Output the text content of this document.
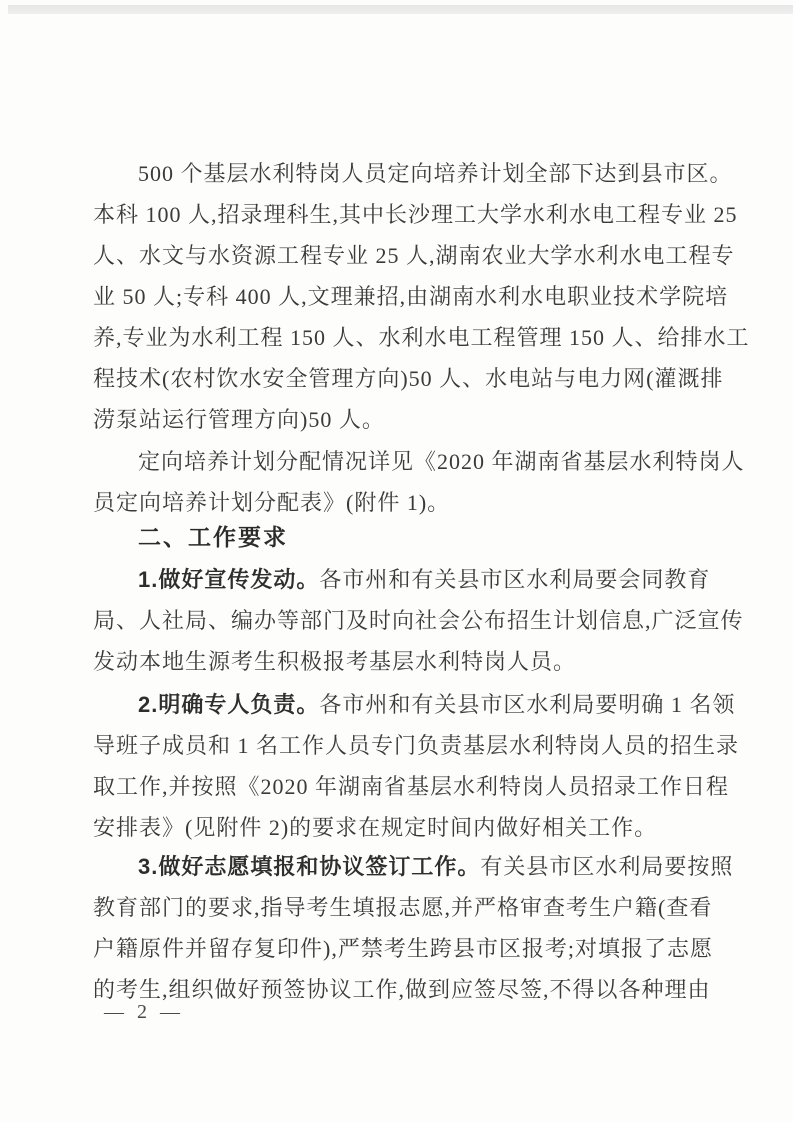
500 个基层水利特岗人员定向培养计划全部下达到县市区。
本科 100 人,招录理科生,其中长沙理工大学水利水电工程专业 25
人、水文与水资源工程专业 25 人,湖南农业大学水利水电工程专
业 50 人;专科 400 人,文理兼招,由湖南水利水电职业技术学院培
养,专业为水利工程 150 人、水利水电工程管理 150 人、给排水工
程技术(农村饮水安全管理方向)50 人、水电站与电力网(灌溉排
涝泵站运行管理方向)50 人。
定向培养计划分配情况详见《2020 年湖南省基层水利特岗人
员定向培养计划分配表》(附件 1)。
二、工作要求
1.做好宣传发动。各市州和有关县市区水利局要会同教育
局、人社局、编办等部门及时向社会公布招生计划信息,广泛宣传
发动本地生源考生积极报考基层水利特岗人员。
2.明确专人负责。各市州和有关县市区水利局要明确 1 名领
导班子成员和 1 名工作人员专门负责基层水利特岗人员的招生录
取工作,并按照《2020 年湖南省基层水利特岗人员招录工作日程
安排表》(见附件 2)的要求在规定时间内做好相关工作。
3.做好志愿填报和协议签订工作。有关县市区水利局要按照
教育部门的要求,指导考生填报志愿,并严格审查考生户籍(查看
户籍原件并留存复印件),严禁考生跨县市区报考;对填报了志愿
的考生,组织做好预签协议工作,做到应签尽签,不得以各种理由
— 2 —
